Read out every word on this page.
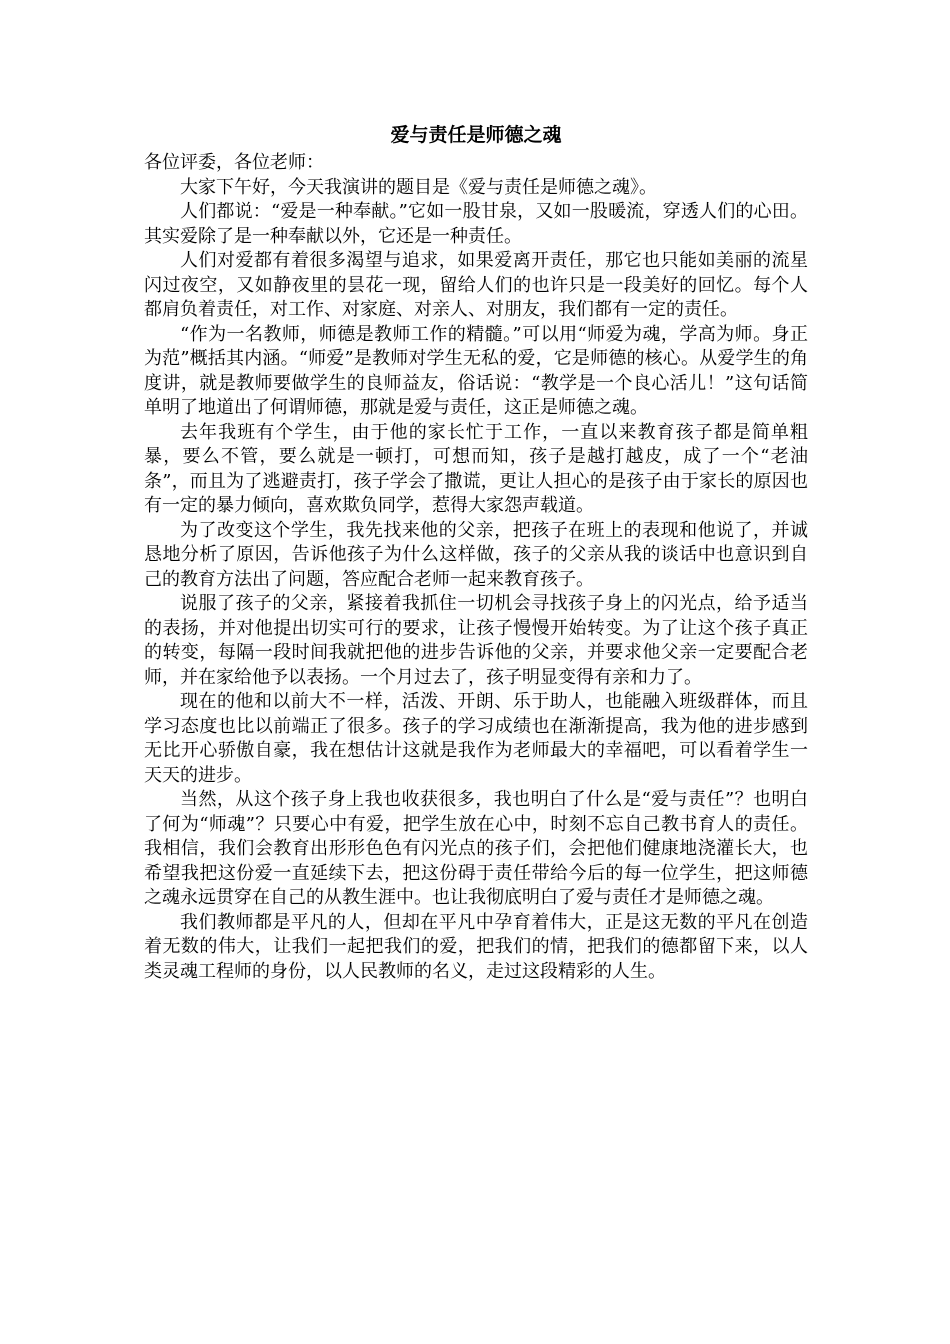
爱与责任是师德之魂

各位评委，各位老师：

大家下午好，今天我演讲的题目是《爱与责任是师德之魂》。

人们都说：“爱是一种奉献。”它如一股甘泉，又如一股暖流，穿透人们的心田。其实爱除了是一种奉献以外，它还是一种责任。

人们对爱都有着很多渴望与追求，如果爱离开责任，那它也只能如美丽的流星闪过夜空，又如静夜里的昙花一现，留给人们的也许只是一段美好的回忆。每个人都肩负着责任，对工作、对家庭、对亲人、对朋友，我们都有一定的责任。

“作为一名教师，师德是教师工作的精髓。”可以用“师爱为魂，学高为师。身正为范”概括其内涵。“师爱”是教师对学生无私的爱，它是师德的核心。从爱学生的角度讲，就是教师要做学生的良师益友，俗话说：“教学是一个良心活儿！”这句话简单明了地道出了何谓师德，那就是爱与责任，这正是师德之魂。

去年我班有个学生，由于他的家长忙于工作，一直以来教育孩子都是简单粗暴，要么不管，要么就是一顿打，可想而知，孩子是越打越皮，成了一个“老油条”，而且为了逃避责打，孩子学会了撒谎，更让人担心的是孩子由于家长的原因也有一定的暴力倾向，喜欢欺负同学，惹得大家怨声载道。

为了改变这个学生，我先找来他的父亲，把孩子在班上的表现和他说了，并诚恳地分析了原因，告诉他孩子为什么这样做，孩子的父亲从我的谈话中也意识到自己的教育方法出了问题，答应配合老师一起来教育孩子。

说服了孩子的父亲，紧接着我抓住一切机会寻找孩子身上的闪光点，给予适当的表扬，并对他提出切实可行的要求，让孩子慢慢开始转变。为了让这个孩子真正的转变，每隔一段时间我就把他的进步告诉他的父亲，并要求他父亲一定要配合老师，并在家给他予以表扬。一个月过去了，孩子明显变得有亲和力了。

现在的他和以前大不一样，活泼、开朗、乐于助人，也能融入班级群体，而且学习态度也比以前端正了很多。孩子的学习成绩也在渐渐提高，我为他的进步感到无比开心骄傲自豪，我在想估计这就是我作为老师最大的幸福吧，可以看着学生一天天的进步。

当然，从这个孩子身上我也收获很多，我也明白了什么是“爱与责任”？也明白了何为“师魂”？只要心中有爱，把学生放在心中，时刻不忘自己教书育人的责任。我相信，我们会教育出形形色色有闪光点的孩子们，会把他们健康地浇灌长大，也希望我把这份爱一直延续下去，把这份碍于责任带给今后的每一位学生，把这师德之魂永远贯穿在自己的从教生涯中。也让我彻底明白了爱与责任才是师德之魂。

我们教师都是平凡的人，但却在平凡中孕育着伟大，正是这无数的平凡在创造着无数的伟大，让我们一起把我们的爱，把我们的情，把我们的德都留下来，以人类灵魂工程师的身份，以人民教师的名义，走过这段精彩的人生。
